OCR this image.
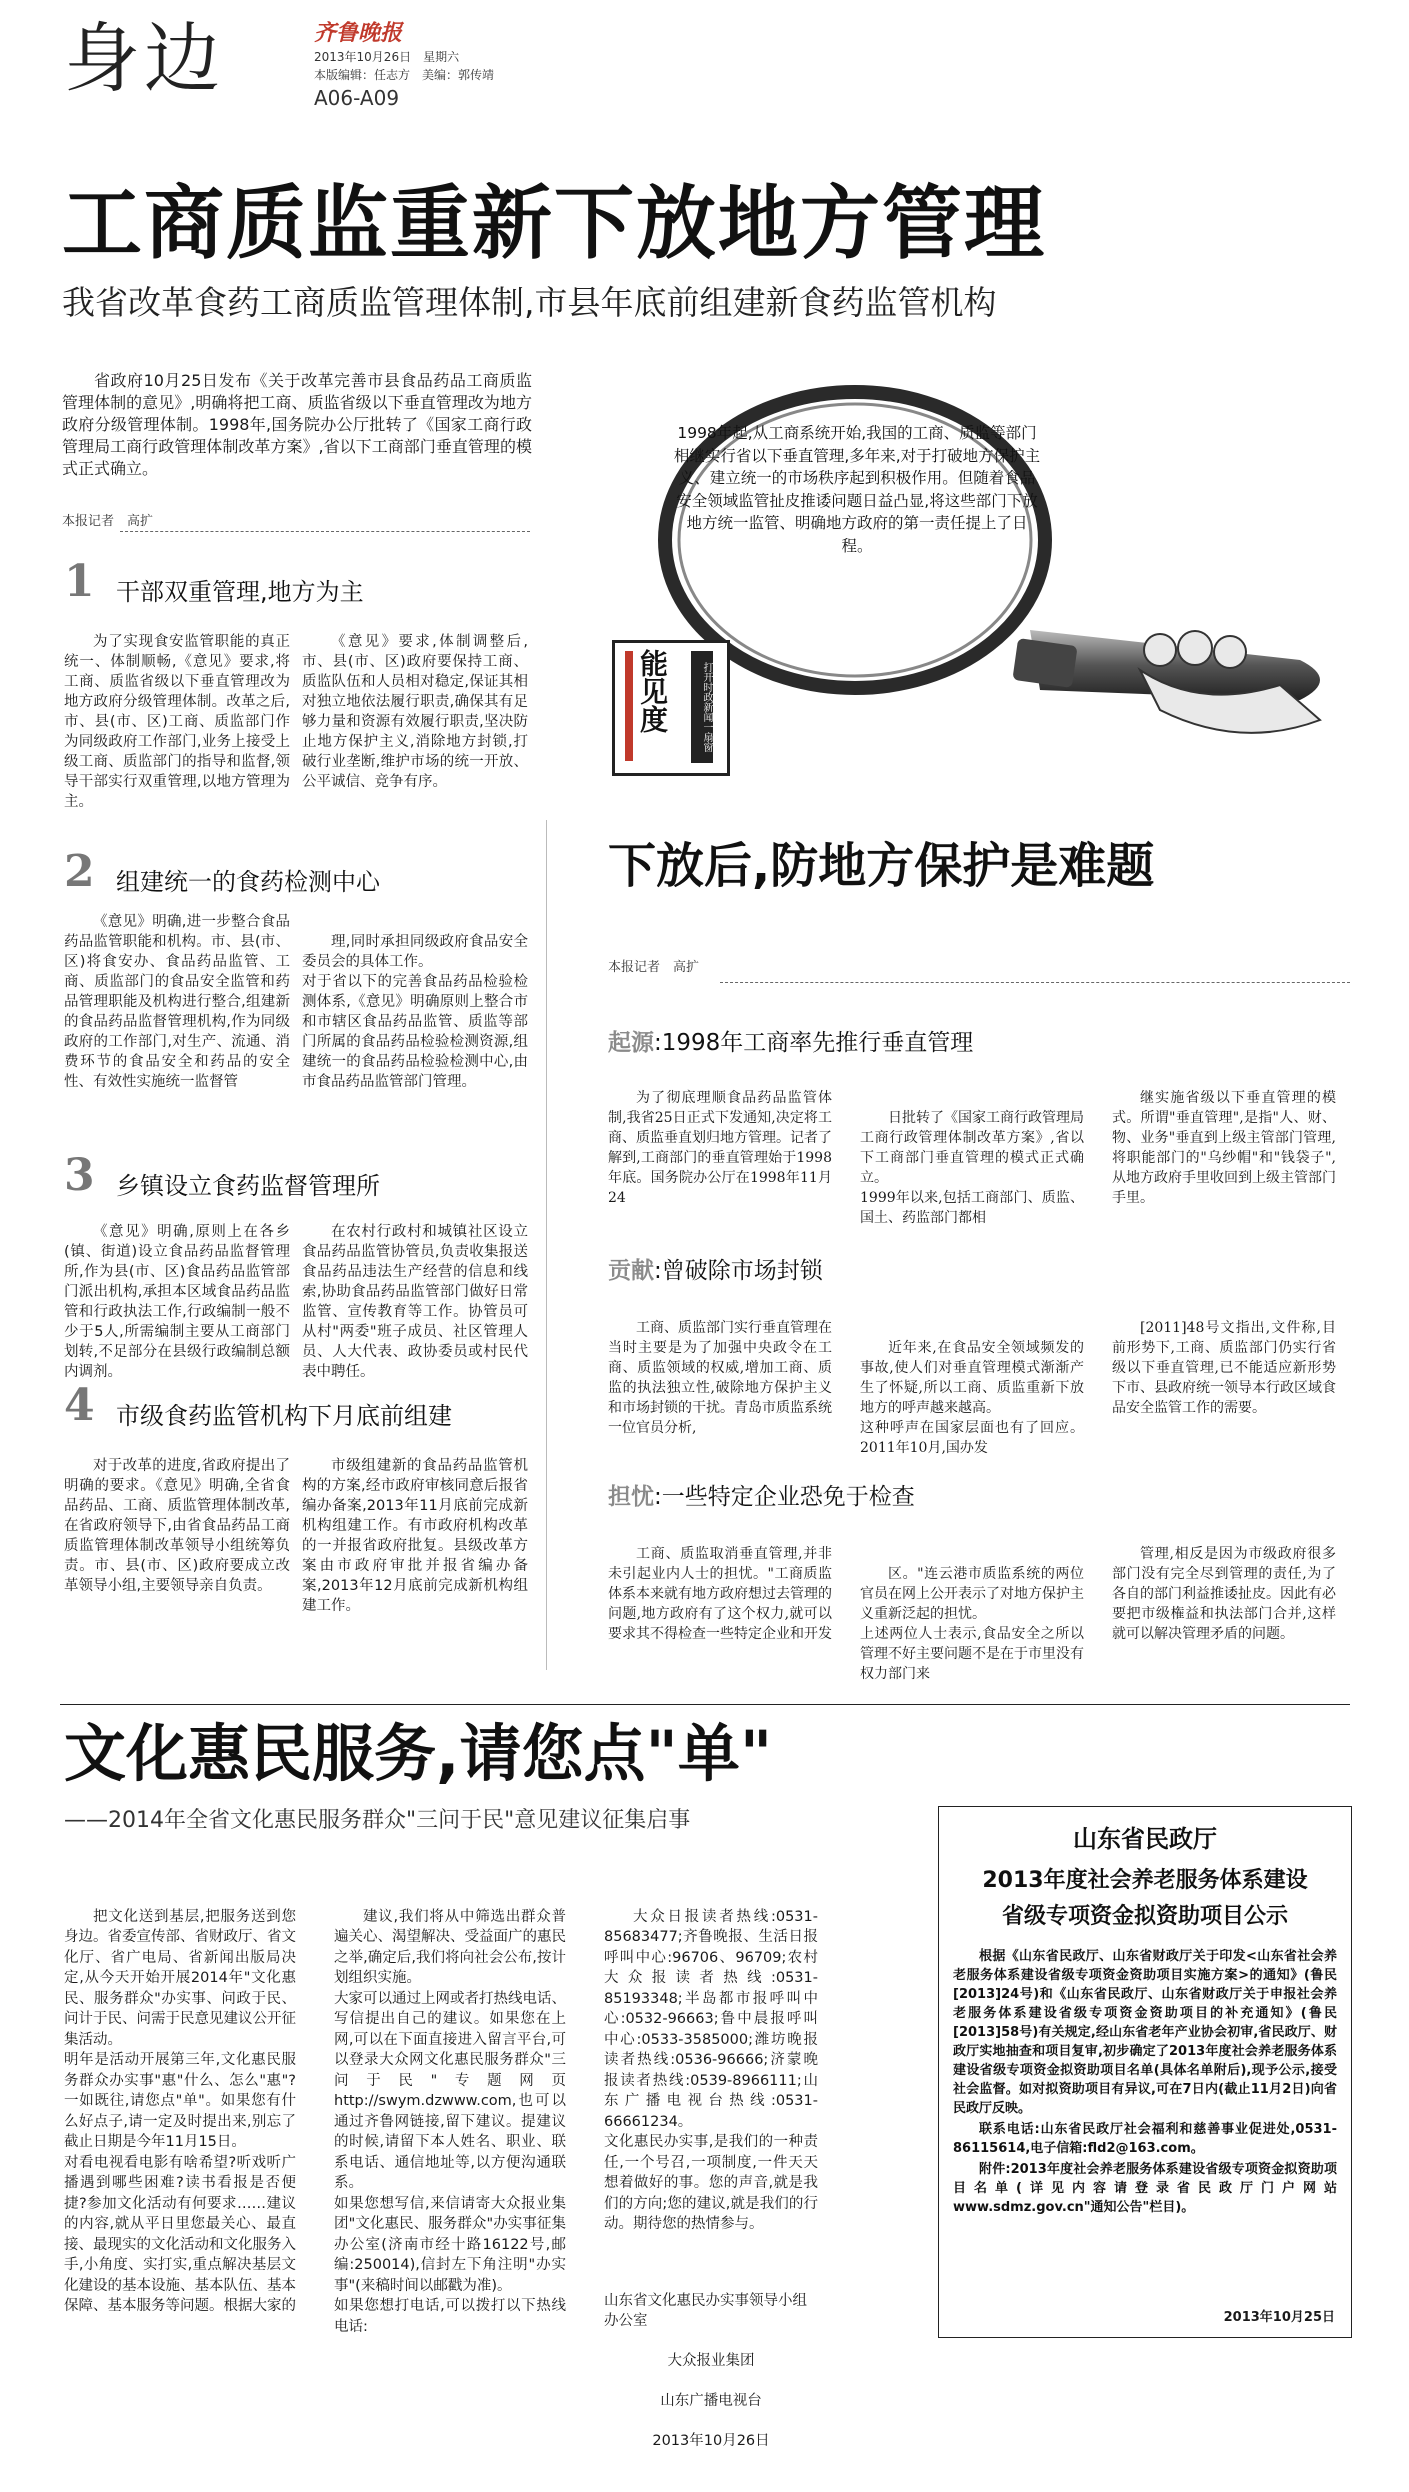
身边	齐鲁晚报
2013年10月26日　星期六
本版编辑：任志方　美编：郭传靖
A06-A09
工商质监重新下放地方管理
我省改革食药工商质监管理体制,市县年底前组建新食药监管机构

省政府10月25日发布《关于改革完善市县食品药品工商质监管理体制的意见》,明确将把工商、质监省级以下垂直管理改为地方政府分级管理体制。1998年,国务院办公厅批转了《国家工商行政管理局工商行政管理体制改革方案》,省以下工商部门垂直管理的模式正式确立。

本报记者　高扩
1998年起,从工商系统开始,我国的工商、质监等部门相继实行省以下垂直管理,多年来,对于打破地方保护主义、建立统一的市场秩序起到积极作用。但随着食品安全领域监管扯皮推诿问题日益凸显,将这些部门下放地方统一监管、明确地方政府的第一责任提上了日程。
能见度	打开时政新闻一扇窗
1 干部双重管理,地方为主

为了实现食安监管职能的真正统一、体制顺畅,《意见》要求,将工商、质监省级以下垂直管理改为地方政府分级管理体制。改革之后,市、县(市、区)工商、质监部门作为同级政府工作部门,业务上接受上级工商、质监部门的指导和监督,领导干部实行双重管理,以地方管理为主。

《意见》要求,体制调整后,市、县(市、区)政府要保持工商、质监队伍和人员相对稳定,保证其相对独立地依法履行职责,确保其有足够力量和资源有效履行职责,坚决防止地方保护主义,消除地方封锁,打破行业垄断,维护市场的统一开放、公平诚信、竞争有序。

2 组建统一的食药检测中心

《意见》明确,进一步整合食品药品监管职能和机构。市、县(市、区)将食安办、食品药品监管、工商、质监部门的食品安全监管和药品管理职能及机构进行整合,组建新的食品药品监督管理机构,作为同级政府的工作部门,对生产、流通、消费环节的食品安全和药品的安全性、有效性实施统一监督管

理,同时承担同级政府食品安全委员会的具体工作。
对于省以下的完善食品药品检验检测体系,《意见》明确原则上整合市和市辖区食品药品监管、质监等部门所属的食品药品检验检测资源,组建统一的食品药品检验检测中心,由市食品药品监管部门管理。

3 乡镇设立食药监督管理所

《意见》明确,原则上在各乡(镇、街道)设立食品药品监督管理所,作为县(市、区)食品药品监管部门派出机构,承担本区域食品药品监管和行政执法工作,行政编制一般不少于5人,所需编制主要从工商部门划转,不足部分在县级行政编制总额内调剂。

在农村行政村和城镇社区设立食品药品监管协管员,负责收集报送食品药品违法生产经营的信息和线索,协助食品药品监管部门做好日常监管、宣传教育等工作。协管员可从村"两委"班子成员、社区管理人员、人大代表、政协委员或村民代表中聘任。

4 市级食药监管机构下月底前组建

对于改革的进度,省政府提出了明确的要求。《意见》明确,全省食品药品、工商、质监管理体制改革,在省政府领导下,由省食品药品工商质监管理体制改革领导小组统筹负责。市、县(市、区)政府要成立改革领导小组,主要领导亲自负责。

市级组建新的食品药品监管机构的方案,经市政府审核同意后报省编办备案,2013年11月底前完成新机构组建工作。有市政府机构改革的一并报省政府批复。县级改革方案由市政府审批并报省编办备案,2013年12月底前完成新机构组建工作。

下放后,防地方保护是难题
本报记者　高扩
起源:1998年工商率先推行垂直管理

为了彻底理顺食品药品监管体制,我省25日正式下发通知,决定将工商、质监垂直划归地方管理。记者了解到,工商部门的垂直管理始于1998年底。国务院办公厅在1998年11月24

日批转了《国家工商行政管理局工商行政管理体制改革方案》,省以下工商部门垂直管理的模式正式确立。
1999年以来,包括工商部门、质监、国土、药监部门都相

继实施省级以下垂直管理的模式。所谓"垂直管理",是指"人、财、物、业务"垂直到上级主管部门管理,将职能部门的"乌纱帽"和"钱袋子",从地方政府手里收回到上级主管部门手里。

贡献:曾破除市场封锁

工商、质监部门实行垂直管理在当时主要是为了加强中央政令在工商、质监领域的权威,增加工商、质监的执法独立性,破除地方保护主义和市场封锁的干扰。青岛市质监系统一位官员分析,

近年来,在食品安全领域频发的事故,使人们对垂直管理模式渐渐产生了怀疑,所以工商、质监重新下放地方的呼声越来越高。
这种呼声在国家层面也有了回应。2011年10月,国办发

[2011]48号文指出,文件称,目前形势下,工商、质监部门仍实行省级以下垂直管理,已不能适应新形势下市、县政府统一领导本行政区域食品安全监管工作的需要。

担忧:一些特定企业恐免于检查

工商、质监取消垂直管理,并非未引起业内人士的担忧。"工商质监体系本来就有地方政府想过去管理的问题,地方政府有了这个权力,就可以要求其不得检查一些特定企业和开发

区。"连云港市质监系统的两位官员在网上公开表示了对地方保护主义重新泛起的担忧。
上述两位人士表示,食品安全之所以管理不好主要问题不是在于市里没有权力部门来

管理,相反是因为市级政府很多部门没有完全尽到管理的责任,为了各自的部门利益推诿扯皮。因此有必要把市级権益和执法部门合并,这样就可以解决管理矛盾的问题。

文化惠民服务,请您点"单"
——2014年全省文化惠民服务群众"三问于民"意见建议征集启事

把文化送到基层,把服务送到您身边。省委宣传部、省财政厅、省文化厅、省广电局、省新闻出版局决定,从今天开始开展2014年"文化惠民、服务群众"办实事、问政于民、问计于民、问需于民意见建议公开征集活动。
明年是活动开展第三年,文化惠民服务群众办实事"惠"什么、怎么"惠"?一如既往,请您点"单"。如果您有什么好点子,请一定及时提出来,别忘了截止日期是今年11月15日。
对看电视看电影有啥希望?听戏听广播遇到哪些困难?读书看报是否便捷?参加文化活动有何要求……建议的内容,就从平日里您最关心、最直接、最现实的文化活动和文化服务入手,小角度、实打实,重点解决基层文化建设的基本设施、基本队伍、基本保障、基本服务等问题。根据大家的

建议,我们将从中筛选出群众普遍关心、渴望解决、受益面广的惠民之举,确定后,我们将向社会公布,按计划组织实施。
大家可以通过上网或者打热线电话、写信提出自己的建议。如果您在上网,可以在下面直接进入留言平台,可以登录大众网文化惠民服务群众"三问于民"专题网页http://swym.dzwww.com,也可以通过齐鲁网链接,留下建议。提建议的时候,请留下本人姓名、职业、联系电话、通信地址等,以方便沟通联系。
如果您想写信,来信请寄大众报业集团"文化惠民、服务群众"办实事征集办公室(济南市经十路16122号,邮编:250014),信封左下角注明"办实事"(来稿时间以邮戳为准)。
如果您想打电话,可以拨打以下热线电话:

大众日报读者热线:0531-85683477;齐鲁晚报、生活日报呼叫中心:96706、96709;农村大众报读者热线:0531-85193348;半岛都市报呼叫中心:0532-96663;鲁中晨报呼叫中心:0533-3585000;潍坊晚报读者热线:0536-96666;济蒙晚报读者热线:0539-8966111;山东广播电视台热线:0531-66661234。
文化惠民办实事,是我们的一种责任,一个号召,一项制度,一件天天想着做好的事。您的声音,就是我们的方向;您的建议,就是我们的行动。期待您的热情参与。

山东省文化惠民办实事领导小组办公室

大众报业集团

山东广播电视台

2013年10月26日

山东省民政厅
2013年度社会养老服务体系建设
省级专项资金拟资助项目公示

根据《山东省民政厅、山东省财政厅关于印发<山东省社会养老服务体系建设省级专项资金资助项目实施方案>的通知》(鲁民[2013]24号)和《山东省民政厅、山东省财政厅关于申报社会养老服务体系建设省级专项资金资助项目的补充通知》(鲁民[2013]58号)有关规定,经山东省老年产业协会初审,省民政厅、财政厅实地抽查和项目复审,初步确定了2013年度社会养老服务体系建设省级专项资金拟资助项目名单(具体名单附后),现予公示,接受社会监督。如对拟资助项目有异议,可在7日内(截止11月2日)向省民政厅反映。

联系电话:山东省民政厅社会福利和慈善事业促进处,0531-86115614,电子信箱:fld2@163.com。

附件:2013年度社会养老服务体系建设省级专项资金拟资助项目名单(详见内容请登录省民政厅门户网站www.sdmz.gov.cn"通知公告"栏目)。

2013年10月25日
